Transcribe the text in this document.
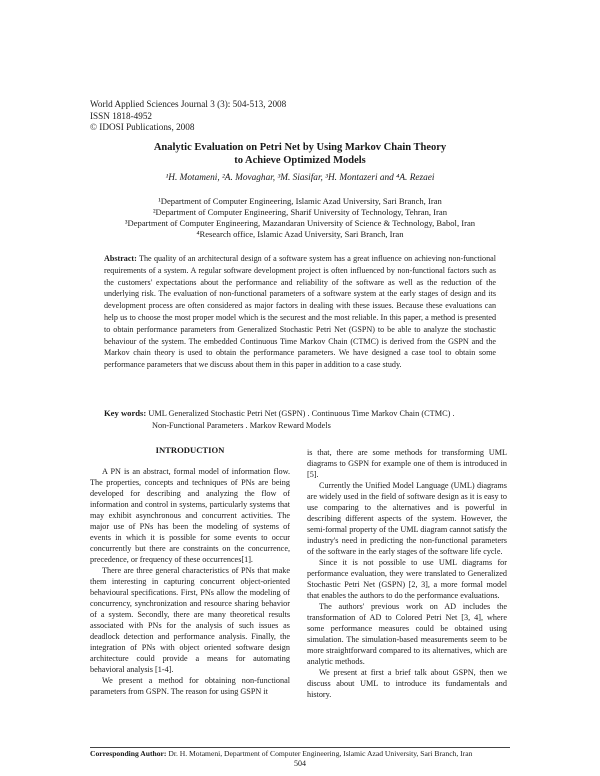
World Applied Sciences Journal 3 (3): 504-513, 2008
ISSN 1818-4952
© IDOSI Publications, 2008
Analytic Evaluation on Petri Net by Using Markov Chain Theory
to Achieve Optimized Models
¹H. Motameni, ²A. Movaghar, ³M. Siasifar, ³H. Montazeri and ⁴A. Rezaei
¹Department of Computer Engineering, Islamic Azad University, Sari Branch, Iran
²Department of Computer Engineering, Sharif University of Technology, Tehran, Iran
³Department of Computer Engineering, Mazandaran University of Science & Technology, Babol, Iran
⁴Research office, Islamic Azad University, Sari Branch, Iran
Abstract: The quality of an architectural design of a software system has a great influence on achieving non-functional requirements of a system. A regular software development project is often influenced by non-functional factors such as the customers' expectations about the performance and reliability of the software as well as the reduction of the underlying risk. The evaluation of non-functional parameters of a software system at the early stages of design and its development process are often considered as major factors in dealing with these issues. Because these evaluations can help us to choose the most proper model which is the securest and the most reliable. In this paper, a method is presented to obtain performance parameters from Generalized Stochastic Petri Net (GSPN) to be able to analyze the stochastic behaviour of the system. The embedded Continuous Time Markov Chain (CTMC) is derived from the GSPN and the Markov chain theory is used to obtain the performance parameters. We have designed a case tool to obtain some performance parameters that we discuss about them in this paper in addition to a case study.
Key words: UML Generalized Stochastic Petri Net (GSPN) . Continuous Time Markov Chain (CTMC) .
Non-Functional Parameters . Markov Reward Models
INTRODUCTION

A PN is an abstract, formal model of information flow. The properties, concepts and techniques of PNs are being developed for describing and analyzing the flow of information and control in systems, particularly systems that may exhibit asynchronous and concurrent activities. The major use of PNs has been the modeling of systems of events in which it is possible for some events to occur concurrently but there are constraints on the concurrence, precedence, or frequency of these occurrences[1].

There are three general characteristics of PNs that make them interesting in capturing concurrent object-oriented behavioural specifications. First, PNs allow the modeling of concurrency, synchronization and resource sharing behavior of a system. Secondly, there are many theoretical results associated with PNs for the analysis of such issues as deadlock detection and performance analysis. Finally, the integration of PNs with object oriented software design architecture could provide a means for automating behavioral analysis [1-4].

We present a method for obtaining non-functional parameters from GSPN. The reason for using GSPN it

is that, there are some methods for transforming UML diagrams to GSPN for example one of them is introduced in [5].

Currently the Unified Model Language (UML) diagrams are widely used in the field of software design as it is easy to use comparing to the alternatives and is powerful in describing different aspects of the system. However, the semi-formal property of the UML diagram cannot satisfy the industry's need in predicting the non-functional parameters of the software in the early stages of the software life cycle.

Since it is not possible to use UML diagrams for performance evaluation, they were translated to Generalized Stochastic Petri Net (GSPN) [2, 3], a more formal model that enables the authors to do the performance evaluations.

The authors' previous work on AD includes the transformation of AD to Colored Petri Net [3, 4], where some performance measures could be obtained using simulation. The simulation-based measurements seem to be more straightforward compared to its alternatives, which are analytic methods.

We present at first a brief talk about GSPN, then we discuss about UML to introduce its fundamentals and history.

Corresponding Author: Dr. H. Motameni, Department of Computer Engineering, Islamic Azad University, Sari Branch, Iran
504
